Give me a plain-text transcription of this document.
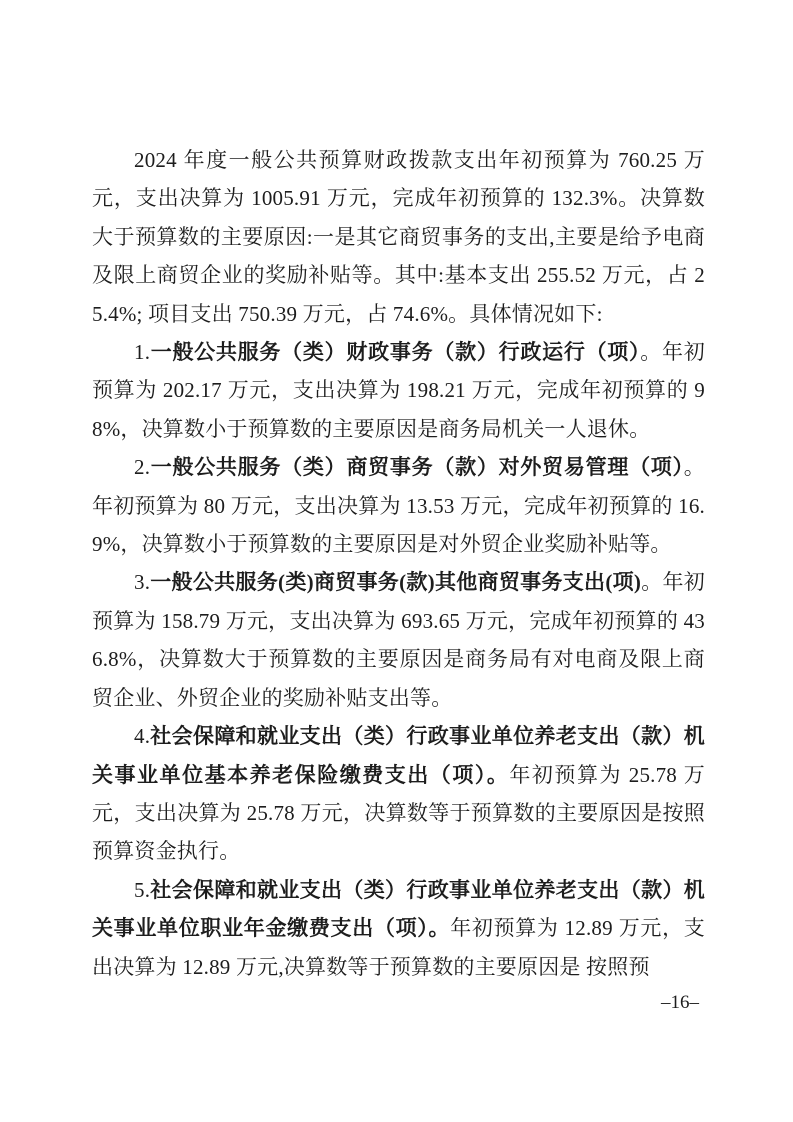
2024 年度一般公共预算财政拨款支出年初预算为 760.25 万元，支出决算为 1005.91 万元，完成年初预算的 132.3%。决算数大于预算数的主要原因:一是其它商贸事务的支出,主要是给予电商及限上商贸企业的奖励补贴等。其中:基本支出 255.52 万元，占 25.4%; 项目支出 750.39 万元，占 74.6%。具体情况如下:

1.一般公共服务（类）财政事务（款）行政运行（项）。年初预算为 202.17 万元，支出决算为 198.21 万元，完成年初预算的 98%，决算数小于预算数的主要原因是商务局机关一人退休。

2.一般公共服务（类）商贸事务（款）对外贸易管理（项）。年初预算为 80 万元，支出决算为 13.53 万元，完成年初预算的 16.9%，决算数小于预算数的主要原因是对外贸企业奖励补贴等。

3.一般公共服务(类)商贸事务(款)其他商贸事务支出(项)。年初预算为 158.79 万元，支出决算为 693.65 万元，完成年初预算的 436.8%，决算数大于预算数的主要原因是商务局有对电商及限上商贸企业、外贸企业的奖励补贴支出等。

4.社会保障和就业支出（类）行政事业单位养老支出（款）机关事业单位基本养老保险缴费支出（项）。年初预算为 25.78 万元，支出决算为 25.78 万元，决算数等于预算数的主要原因是按照预算资金执行。

5.社会保障和就业支出（类）行政事业单位养老支出（款）机关事业单位职业年金缴费支出（项）。年初预算为 12.89 万元，支出决算为 12.89 万元,决算数等于预算数的主要原因是 按照预

–16–
